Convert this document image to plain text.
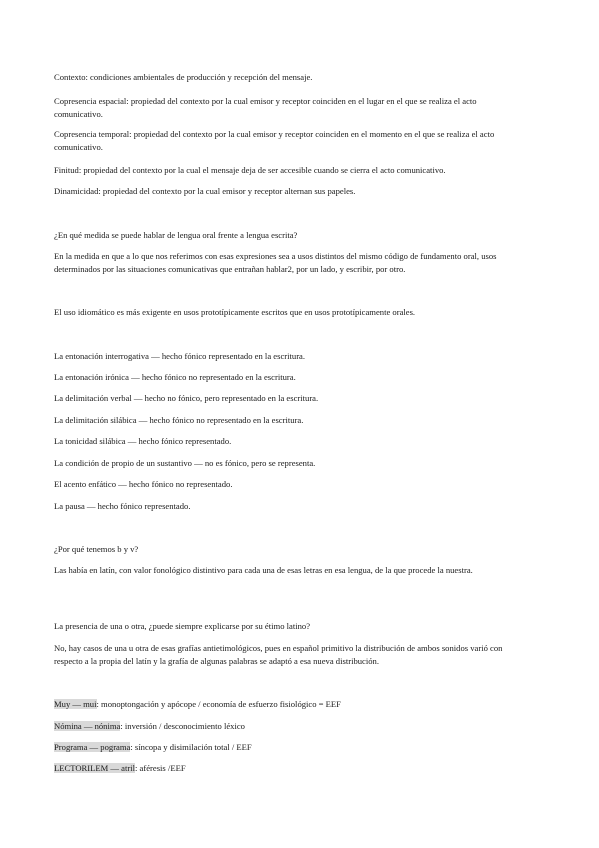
Contexto: condiciones ambientales de producción y recepción del mensaje.

Copresencia espacial: propiedad del contexto por la cual emisor y receptor coinciden en el lugar en el que se realiza el acto comunicativo.

Copresencia temporal: propiedad del contexto por la cual emisor y receptor coinciden en el momento en el que se realiza el acto comunicativo.

Finitud: propiedad del contexto por la cual el mensaje deja de ser accesible cuando se cierra el acto comunicativo.

Dinamicidad: propiedad del contexto por la cual emisor y receptor alternan sus papeles.

¿En qué medida se puede hablar de lengua oral frente a lengua escrita?

En la medida en que a lo que nos referimos con esas expresiones sea a usos distintos del mismo código de fundamento oral, usos determinados por las situaciones comunicativas que entrañan hablar2, por un lado, y escribir, por otro.

El uso idiomático es más exigente en usos prototípicamente escritos que en usos prototípicamente orales.

La entonación interrogativa — hecho fónico representado en la escritura.

La entonación irónica — hecho fónico no representado en la escritura.

La delimitación verbal — hecho no fónico, pero representado en la escritura.

La delimitación silábica — hecho fónico no representado en la escritura.

La tonicidad silábica — hecho fónico representado.

La condición de propio de un sustantivo — no es fónico, pero se representa.

El acento enfático — hecho fónico no representado.

La pausa — hecho fónico representado.

¿Por qué tenemos b y v?

Las había en latín, con valor fonológico distintivo para cada una de esas letras en esa lengua, de la que procede la nuestra.

La presencia de una o otra, ¿puede siempre explicarse por su étimo latino?

No, hay casos de una u otra de esas grafías antietimológicos, pues en español primitivo la distribución de ambos sonidos varió con respecto a la propia del latín y la grafía de algunas palabras se adaptó a esa nueva distribución.

Muy — mui: monoptongación y apócope / economía de esfuerzo fisiológico = EEF

Nómina — nónima: inversión / desconocimiento léxico

Programa — pograma: síncopa y disimilación total / EEF

LECTORILEM — atril: aféresis /EEF
